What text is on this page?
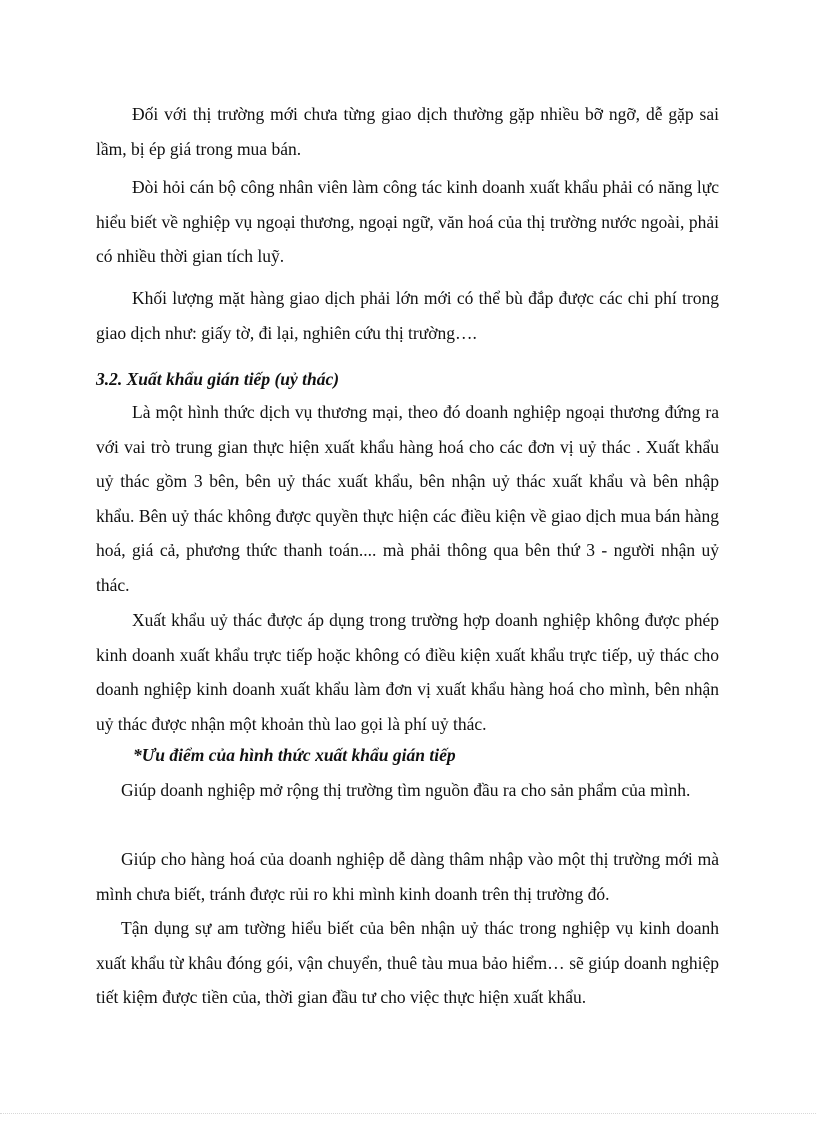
Đối với thị trường mới chưa từng giao dịch thường gặp nhiều bỡ ngỡ, dễ gặp sai lầm, bị ép giá trong mua bán.

Đòi hỏi cán bộ công nhân viên làm công tác kinh doanh xuất khẩu phải có năng lực hiểu biết về nghiệp vụ ngoại thương, ngoại ngữ, văn hoá của thị trường nước ngoài, phải có nhiều thời gian tích luỹ.

Khối lượng mặt hàng giao dịch phải lớn mới có thể bù đắp được các chi phí trong giao dịch như: giấy tờ, đi lại, nghiên cứu thị trường….

3.2. Xuất khẩu gián tiếp (uỷ thác)

Là một hình thức dịch vụ thương mại, theo đó doanh nghiệp ngoại thương đứng ra với vai trò trung gian thực hiện xuất khẩu hàng hoá cho các đơn vị uỷ thác . Xuất khẩu uỷ thác gồm 3 bên, bên uỷ thác xuất khẩu, bên nhận uỷ thác xuất khẩu và bên nhập khẩu. Bên uỷ thác không được quyền thực hiện các điều kiện về giao dịch mua bán hàng hoá, giá cả, phương thức thanh toán.... mà phải thông qua bên thứ 3 - người nhận uỷ thác.

Xuất khẩu uỷ thác được áp dụng trong trường hợp doanh nghiệp không được phép kinh doanh xuất khẩu trực tiếp hoặc không có điều kiện xuất khẩu trực tiếp, uỷ thác cho doanh nghiệp kinh doanh xuất khẩu làm đơn vị xuất khẩu hàng hoá cho mình, bên nhận uỷ thác được nhận một khoản thù lao gọi là phí uỷ thác.

*Ưu điểm của hình thức xuất khẩu gián tiếp

Giúp doanh nghiệp mở rộng thị trường tìm nguồn đầu ra cho sản phẩm của mình.

Giúp cho hàng hoá của doanh nghiệp dễ dàng thâm nhập vào một thị trường mới mà mình chưa biết, tránh được rủi ro khi mình kinh doanh trên thị trường đó.

Tận dụng sự am tường hiểu biết của bên nhận uỷ thác trong nghiệp vụ kinh doanh xuất khẩu từ khâu đóng gói, vận chuyển, thuê tàu mua bảo hiểm… sẽ giúp doanh nghiệp tiết kiệm được tiền của, thời gian đầu tư cho việc thực hiện xuất khẩu.
